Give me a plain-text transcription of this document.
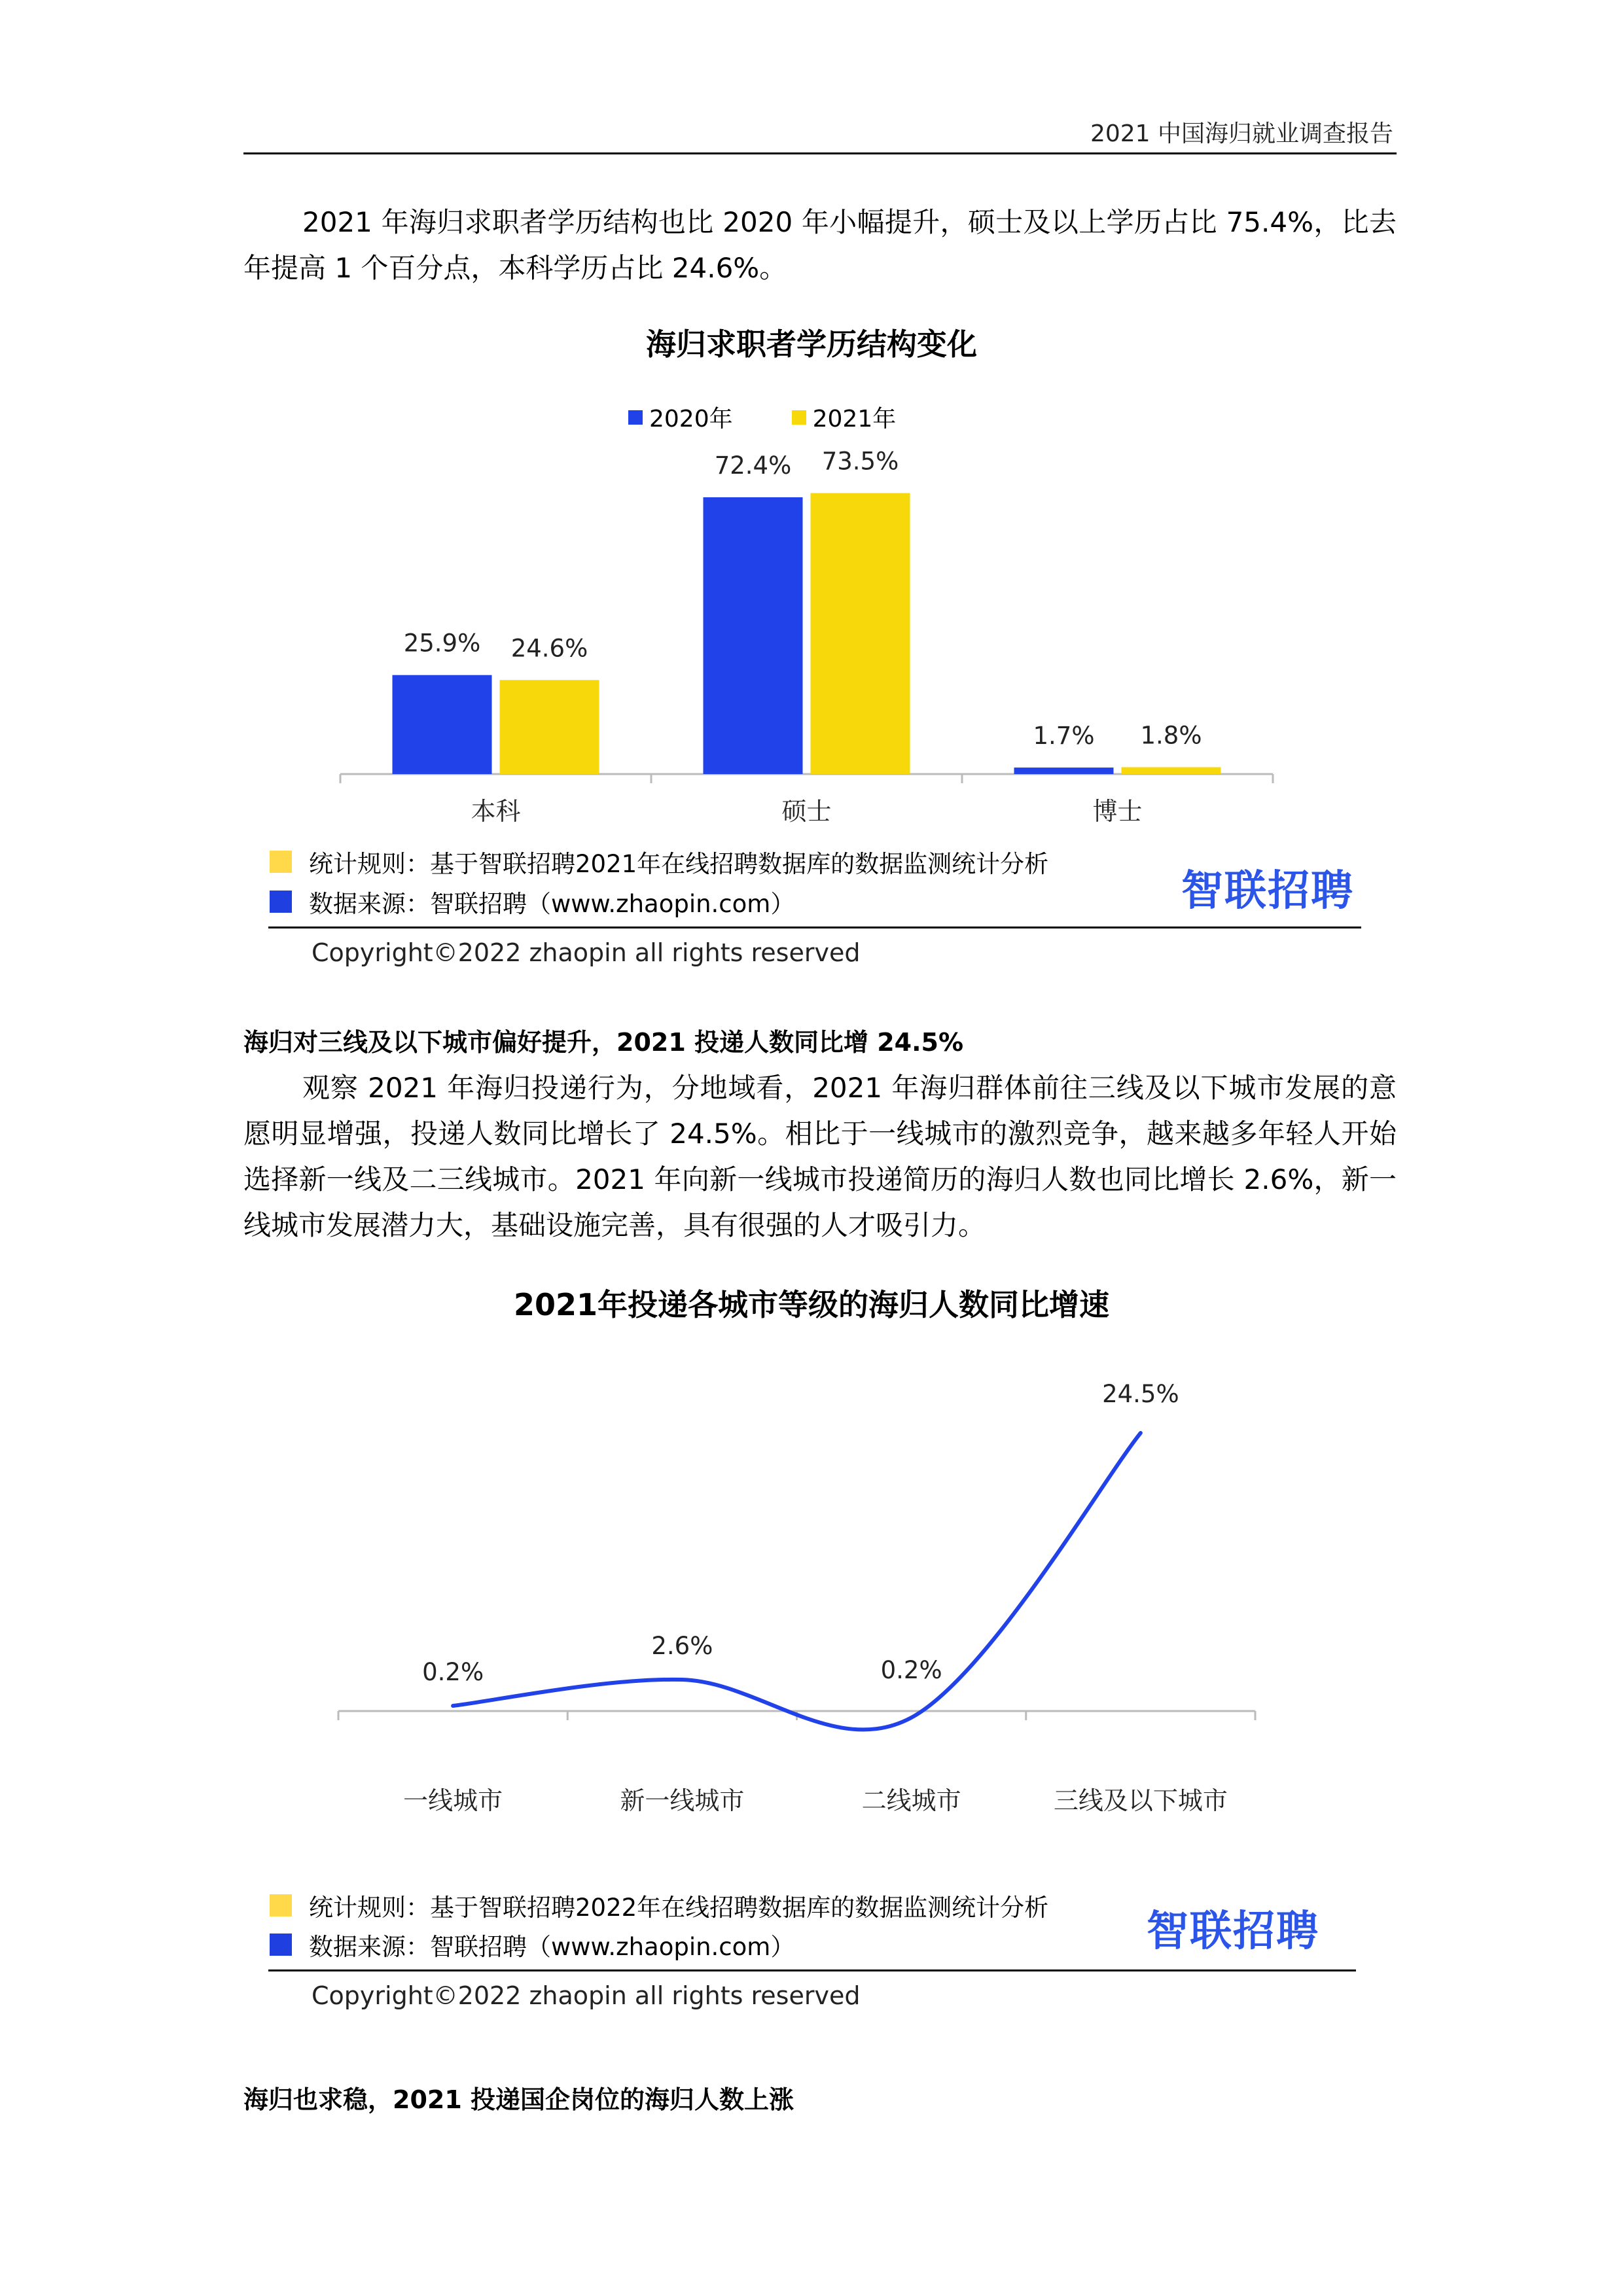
2021 中国海归就业调查报告

2021 年海归求职者学历结构也比 2020 年小幅提升，硕士及以上学历占比 75.4%，比去年提高 1 个百分点，本科学历占比 24.6%。

海归求职者学历结构变化
2020年	2021年
本科
25.9% 24.6%
硕士
72.4% 73.5%
博士
1.7% 1.8%
统计规则：基于智联招聘2021年在线招聘数据库的数据监测统计分析
数据来源：智联招聘（www.zhaopin.com）	智联招聘
Copyright©2022 zhaopin all rights reserved
海归对三线及以下城市偏好提升，2021 投递人数同比增 24.5%

观察 2021 年海归投递行为，分地域看，2021 年海归群体前往三线及以下城市发展的意愿明显增强，投递人数同比增长了 24.5%。相比于一线城市的激烈竞争，越来越多年轻人开始选择新一线及二三线城市。2021 年向新一线城市投递简历的海归人数也同比增长 2.6%，新一线城市发展潜力大，基础设施完善，具有很强的人才吸引力。

2021年投递各城市等级的海归人数同比增速
一线城市
0.2%
新一线城市
2.6%
二线城市
0.2%
三线及以下城市
24.5%
统计规则：基于智联招聘2022年在线招聘数据库的数据监测统计分析
数据来源：智联招聘（www.zhaopin.com）	智联招聘
Copyright©2022 zhaopin all rights reserved
海归也求稳，2021 投递国企岗位的海归人数上涨
